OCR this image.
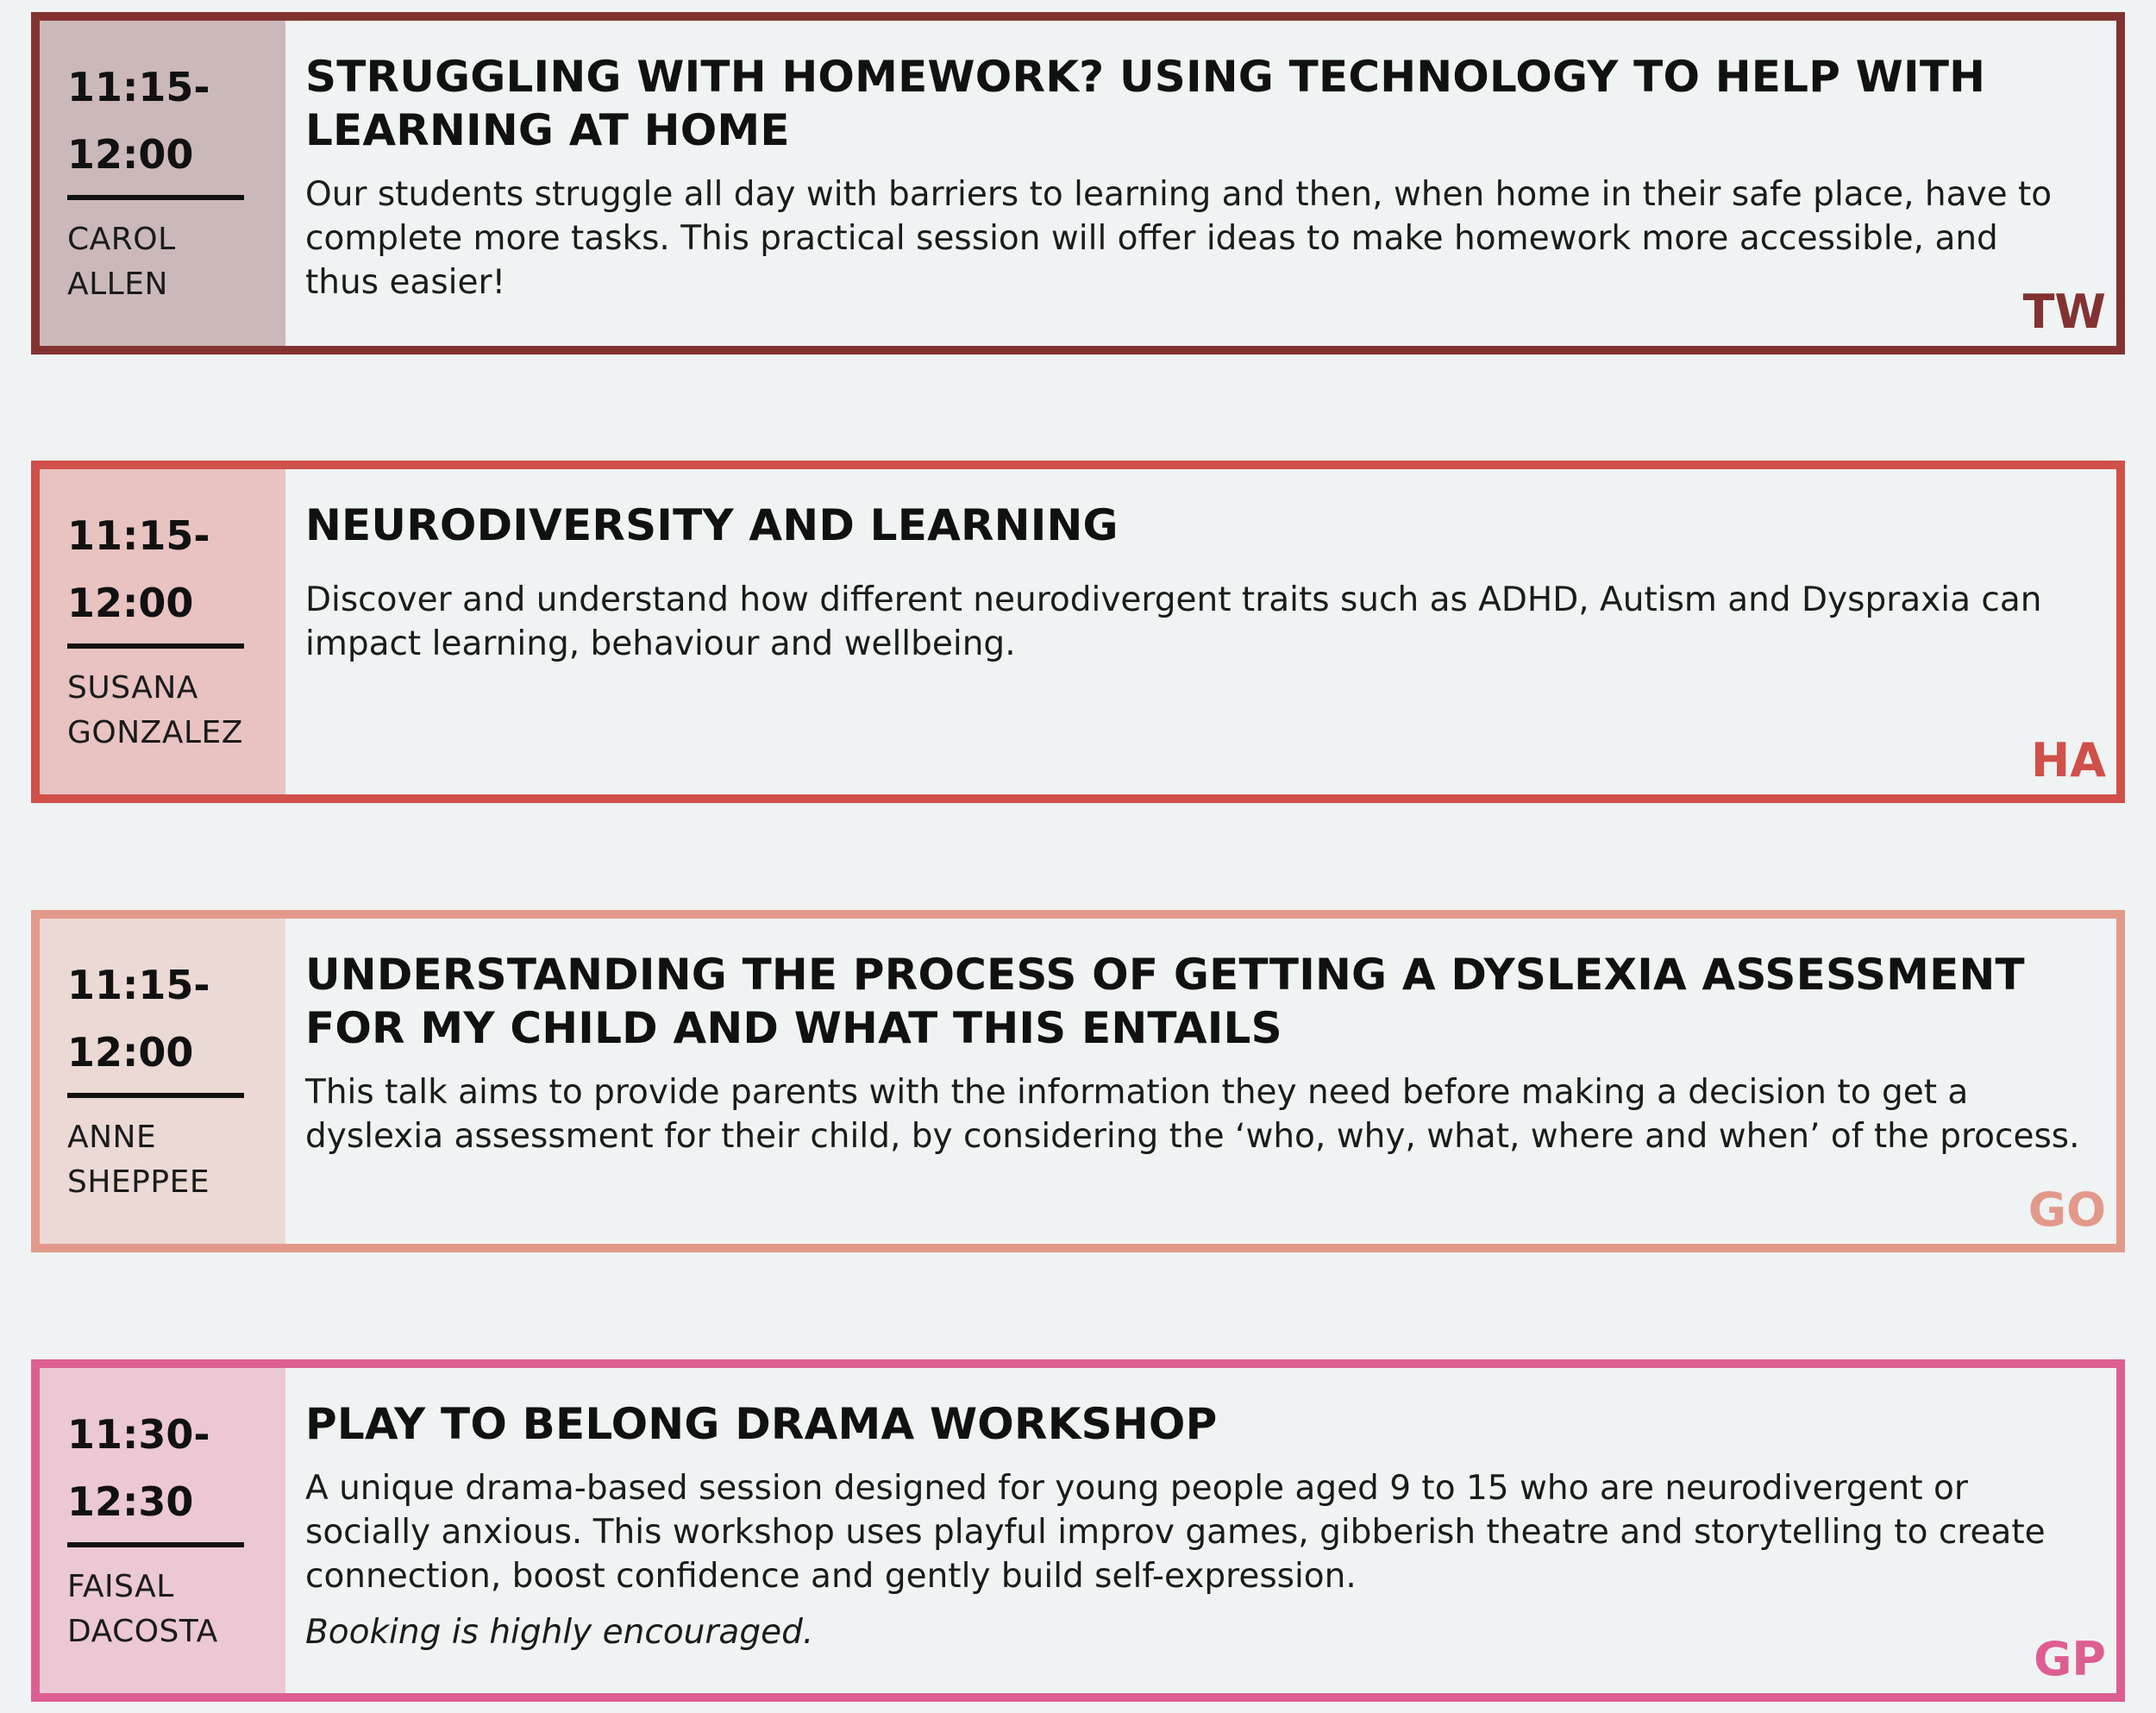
11:15-
12:00
CAROL
ALLEN
STRUGGLING WITH HOMEWORK? USING TECHNOLOGY TO HELP WITH LEARNING AT HOME

Our students struggle all day with barriers to learning and then, when home in their safe place, have to complete more tasks. This practical session will offer ideas to make homework more accessible, and thus easier!

TW
11:15-
12:00
SUSANA
GONZALEZ
NEURODIVERSITY AND LEARNING

Discover and understand how different neurodivergent traits such as ADHD, Autism and Dyspraxia can impact learning, behaviour and wellbeing.

HA
11:15-
12:00
ANNE
SHEPPEE
UNDERSTANDING THE PROCESS OF GETTING A DYSLEXIA ASSESSMENT FOR MY CHILD AND WHAT THIS ENTAILS

This talk aims to provide parents with the information they need before making a decision to get a dyslexia assessment for their child, by considering the ‘who, why, what, where and when’ of the process.

GO
11:30-
12:30
FAISAL
DACOSTA
PLAY TO BELONG DRAMA WORKSHOP

A unique drama-based session designed for young people aged 9 to 15 who are neurodivergent or socially anxious. This workshop uses playful improv games, gibberish theatre and storytelling to create connection, boost confidence and gently build self-expression.

Booking is highly encouraged.	GP
